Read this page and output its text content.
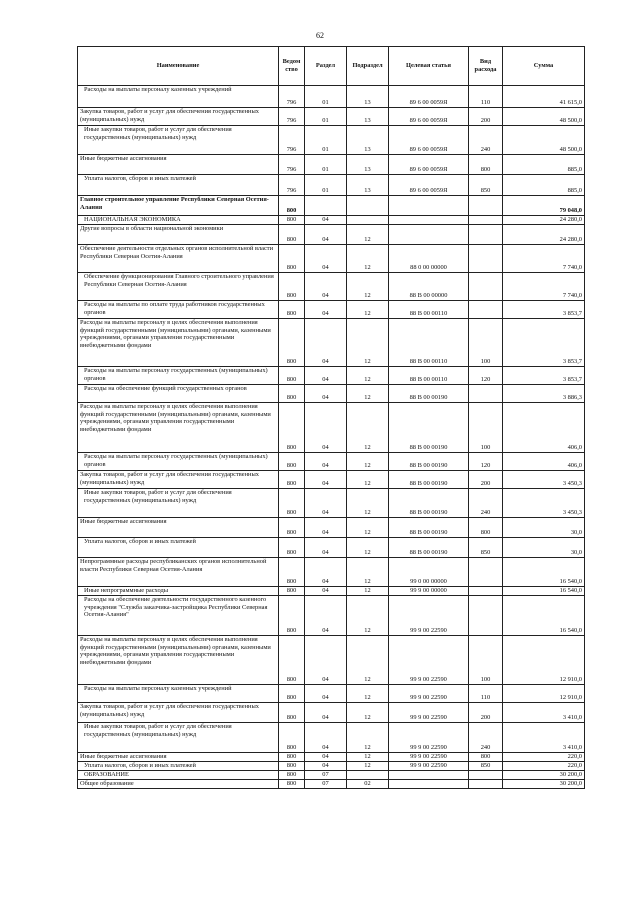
62
Наименование	Ведом ство	Раздел	Подраздел	Целевая статья	Вид расхода	Сумма
Расходы на выплаты персоналу казенных учреждений	796	01	13	89 6 00 0059Я	110	41 615,0
Закупка товаров, работ и услуг для обеспечения государственных (муниципальных) нужд	796	01	13	89 6 00 0059Я	200	48 500,0
Иные закупки товаров, работ и услуг для обеспечения государственных (муниципальных) нужд	796	01	13	89 6 00 0059Я	240	48 500,0
Иные бюджетные ассигнования	796	01	13	89 6 00 0059Я	800	885,0
Уплата налогов, сборов и иных платежей	796	01	13	89 6 00 0059Я	850	885,0
Главное строительное управление Республики Северная Осетия-Алания	800					79 048,0
НАЦИОНАЛЬНАЯ ЭКОНОМИКА	800	04				24 280,0
Другие вопросы в области национальной экономики	800	04	12			24 280,0
Обеспечение деятельности отдельных органов исполнительной власти Республики Северная Осетия-Алания	800	04	12	88 0 00 00000		7 740,0
Обеспечение функционирования Главного строительного управления Республики Северная Осетия-Алания	800	04	12	88 В 00 00000		7 740,0
Расходы на выплаты по оплате труда работников государственных органов	800	04	12	88 В 00 00110		3 853,7
Расходы на выплаты персоналу в целях обеспечения выполнения функций государственными (муниципальными) органами, казенными учреждениями, органами управления государственными внебюджетными фондами	800	04	12	88 В 00 00110	100	3 853,7
Расходы на выплаты персоналу государственных (муниципальных) органов	800	04	12	88 В 00 00110	120	3 853,7
Расходы на обеспечение функций государственных органов	800	04	12	88 В 00 00190		3 886,3
Расходы на выплаты персоналу в целях обеспечения выполнения функций государственными (муниципальными) органами, казенными учреждениями, органами управления государственными внебюджетными фондами	800	04	12	88 В 00 00190	100	406,0
Расходы на выплаты персоналу государственных (муниципальных) органов	800	04	12	88 В 00 00190	120	406,0
Закупка товаров, работ и услуг для обеспечения государственных (муниципальных) нужд	800	04	12	88 В 00 00190	200	3 450,3
Иные закупки товаров, работ и услуг для обеспечения государственных (муниципальных) нужд	800	04	12	88 В 00 00190	240	3 450,3
Иные бюджетные ассигнования	800	04	12	88 В 00 00190	800	30,0
Уплата налогов, сборов и иных платежей	800	04	12	88 В 00 00190	850	30,0
Непрограммные расходы республиканских органов исполнительной власти Республики Северная Осетия-Алания	800	04	12	99 0 00 00000		16 540,0
Иные непрограммные расходы	800	04	12	99 9 00 00000		16 540,0
Расходы на обеспечение деятельности государственного казенного учреждения "Служба заказчика-застройщика Республики Северная Осетия-Алания"	800	04	12	99 9 00 22590		16 540,0
Расходы на выплаты персоналу в целях обеспечения выполнения функций государственными (муниципальными) органами, казенными учреждениями, органами управления государственными внебюджетными фондами	800	04	12	99 9 00 22590	100	12 910,0
Расходы на выплаты персоналу казенных учреждений	800	04	12	99 9 00 22590	110	12 910,0
Закупка товаров, работ и услуг для обеспечения государственных (муниципальных) нужд	800	04	12	99 9 00 22590	200	3 410,0
Иные закупки товаров, работ и услуг для обеспечения государственных (муниципальных) нужд	800	04	12	99 9 00 22590	240	3 410,0
Иные бюджетные ассигнования	800	04	12	99 9 00 22590	800	220,0
Уплата налогов, сборов и иных платежей	800	04	12	99 9 00 22590	850	220,0
ОБРАЗОВАНИЕ	800	07				30 200,0
Общее образование	800	07	02			30 200,0
